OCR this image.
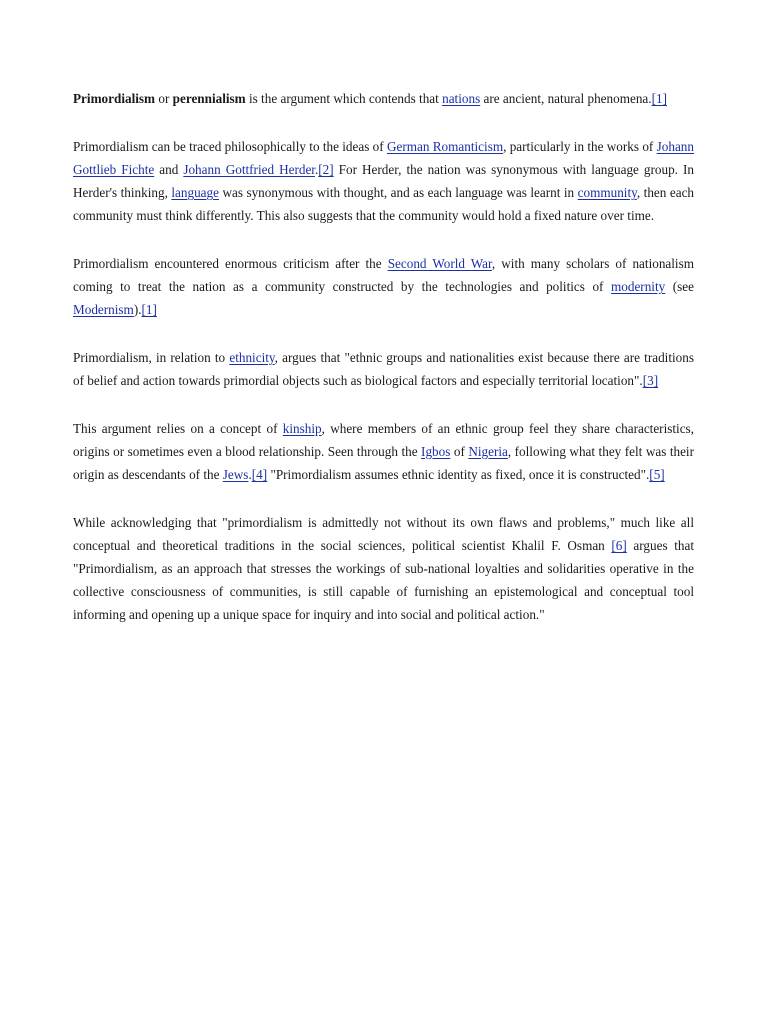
Primordialism or perennialism is the argument which contends that nations are ancient, natural phenomena.[1]

Primordialism can be traced philosophically to the ideas of German Romanticism, particularly in the works of Johann Gottlieb Fichte and Johann Gottfried Herder.[2] For Herder, the nation was synonymous with language group. In Herder's thinking, language was synonymous with thought, and as each language was learnt in community, then each community must think differently. This also suggests that the community would hold a fixed nature over time.

Primordialism encountered enormous criticism after the Second World War, with many scholars of nationalism coming to treat the nation as a community constructed by the technologies and politics of modernity (see Modernism).[1]

Primordialism, in relation to ethnicity, argues that "ethnic groups and nationalities exist because there are traditions of belief and action towards primordial objects such as biological factors and especially territorial location".[3]

This argument relies on a concept of kinship, where members of an ethnic group feel they share characteristics, origins or sometimes even a blood relationship. Seen through the Igbos of Nigeria, following what they felt was their origin as descendants of the Jews.[4] "Primordialism assumes ethnic identity as fixed, once it is constructed".[5]

While acknowledging that "primordialism is admittedly not without its own flaws and problems," much like all conceptual and theoretical traditions in the social sciences, political scientist Khalil F. Osman [6] argues that "Primordialism, as an approach that stresses the workings of sub-national loyalties and solidarities operative in the collective consciousness of communities, is still capable of furnishing an epistemological and conceptual tool informing and opening up a unique space for inquiry and into social and political action."
